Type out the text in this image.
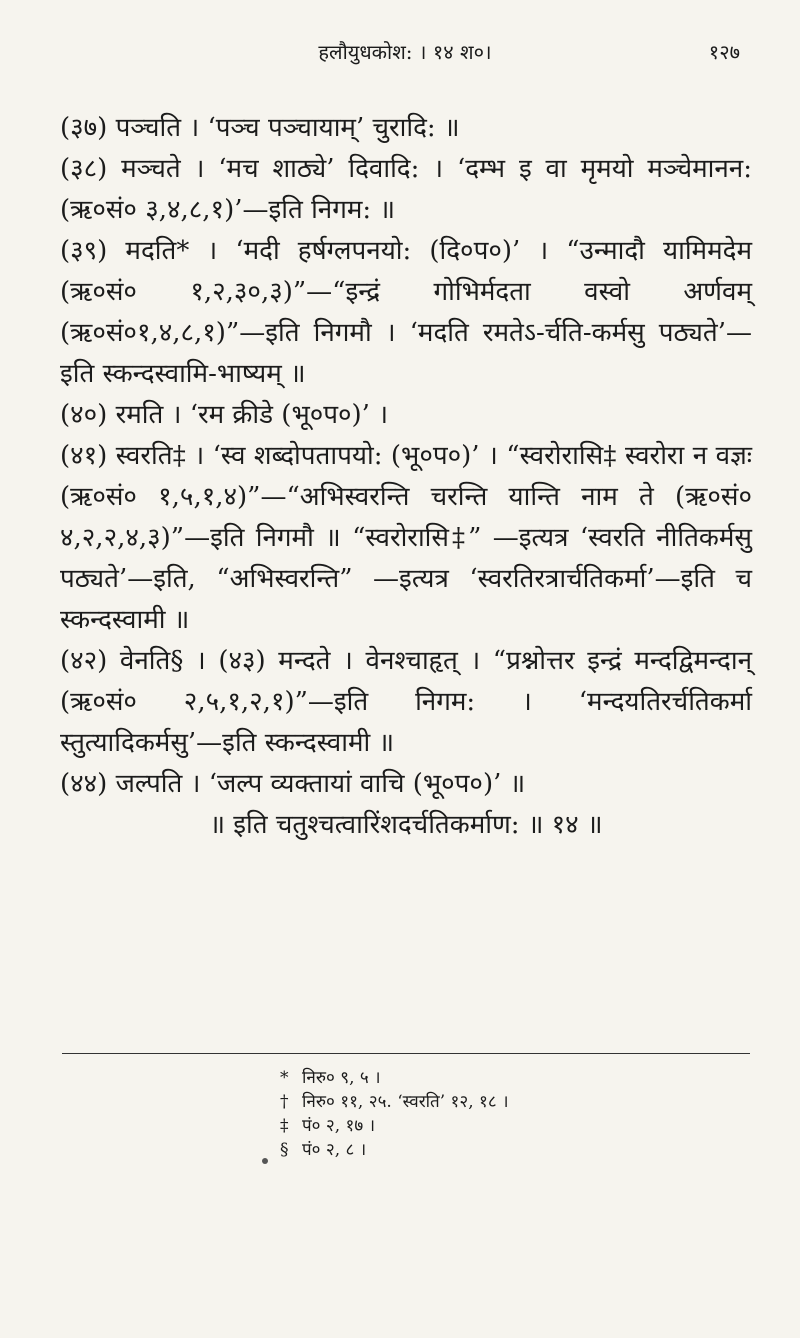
हलौयुधकोश: । १४ श०।	१२७

(३७) पञ्चति । ‘पञ्च पञ्चायाम्’ चुरादि: ॥

(३८) मञ्चते । ‘मच शाठ्ये’ दिवादि: । ‘दम्भ इ वा मृमयो मञ्चेमानन: (ऋ०सं० ३,४,८,१)’—इति निगम: ॥

(३९) मदति* । ‘मदी हर्षग्लपनयो: (दि०प०)’ । “उन्मादौ यामिमदेम (ऋ०सं० १,२,३०,३)”—“इन्द्रं गोभिर्मदता वस्वो अर्णवम् (ऋ०सं०१,४,८,१)”—इति निगमौ । ‘मदति रमतेऽ-र्चति-कर्मसु पठ्यते’—इति स्कन्दस्वामि-भाष्यम् ॥

(४०) रमति । ‘रम क्रीडे (भू०प०)’ ।

(४१) स्वरति‡ । ‘स्व शब्दोपतापयो: (भू०प०)’ । “स्वरोरासि‡ स्वरोरा न वज्ञः (ऋ०सं० १,५,१,४)”—“अभिस्वरन्ति चरन्ति यान्ति नाम ते (ऋ०सं० ४,२,२,४,३)”—इति निगमौ ॥ “स्वरोरासि‡” —इत्यत्र ‘स्वरति नीतिकर्मसु पठ्यते’—इति, “अभिस्वरन्ति” —इत्यत्र ‘स्वरतिरत्रार्चतिकर्मा’—इति च स्कन्दस्वामी ॥

(४२) वेनति§ । (४३) मन्दते । वेनश्चाहृत् । “प्रश्नोत्तर इन्द्रं मन्दद्विमन्दान् (ऋ०सं० २,५,१,२,१)”—इति निगम: । ‘मन्दयतिरर्चतिकर्मा स्तुत्यादिकर्मसु’—इति स्कन्दस्वामी ॥

(४४) जल्पति । ‘जल्प व्यक्तायां वाचि (भू०प०)’ ॥

॥ इति चतुश्चत्वारिंशदर्चतिकर्माण: ॥ १४ ॥

* निरु० ९, ५ ।

† निरु० ११, २५. ‘स्वरति’ १२, १८ ।

‡ पं० २, १७ ।

§ पं० २, ८ ।
